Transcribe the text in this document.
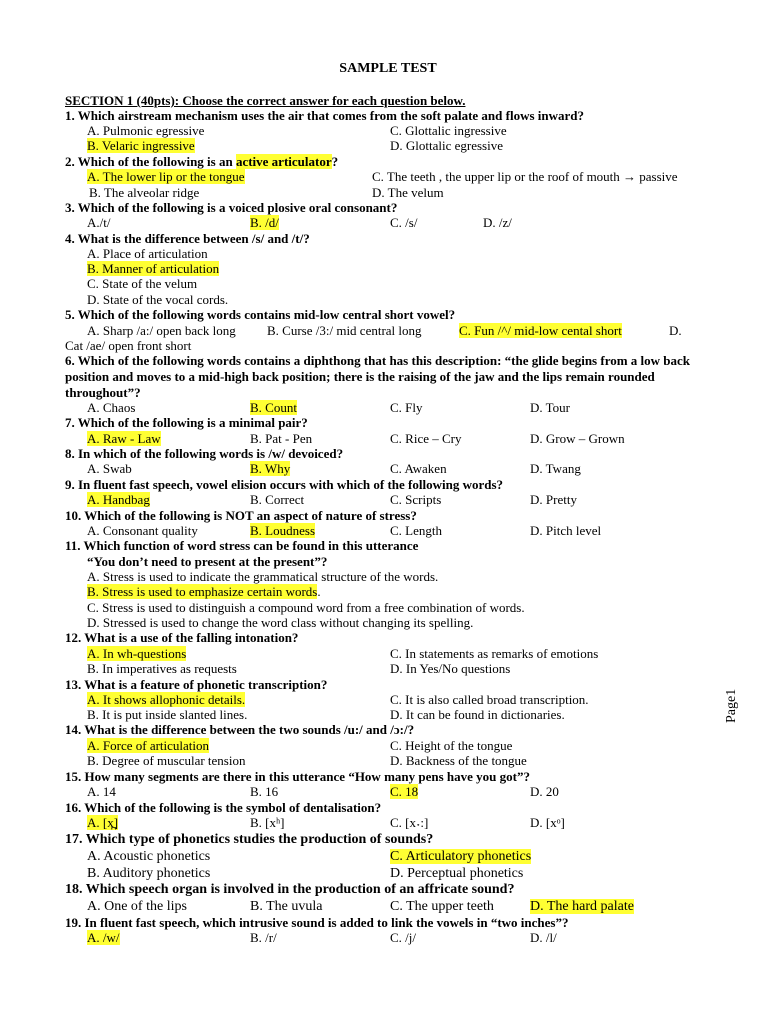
SAMPLE TEST
SECTION 1 (40pts): Choose the correct answer for each question below.
1. Which airstream mechanism uses the air that comes from the soft palate and flows inward?
A. Pulmonic egressive	C. Glottalic ingressive
B. Velaric ingressive	D. Glottalic egressive
2. Which of the following is an active articulator?
A. The lower lip or the tongue	C. The teeth , the upper lip or the roof of mouth → passive
B. The alveolar ridge	D. The velum
3. Which of the following is a voiced plosive oral consonant?
A./t/	B. /d/	C. /s/	D. /z/
4. What is the difference between /s/ and /t/?
A. Place of articulation
B. Manner of articulation
C. State of the velum
D. State of the vocal cords.
5. Which of the following words contains mid-low central short vowel?
A. Sharp /a:/ open back long B. Curse /3:/ mid central long	C. Fun /^/ mid-low cental short	D.
Cat /ae/ open front short
6. Which of the following words contains a diphthong that has this description: “the glide begins from a low back position and moves to a mid-high back position; there is the raising of the jaw and the lips remain rounded throughout”?
A. Chaos	B. Count	C. Fly	D. Tour
7. Which of the following is a minimal pair?
A. Raw - Law	B. Pat - Pen	C. Rice – Cry	D. Grow – Grown
8. In which of the following words is /w/ devoiced?
A. Swab	B. Why	C. Awaken	D. Twang
9. In fluent fast speech, vowel elision occurs with which of the following words?
A. Handbag	B. Correct	C. Scripts	D. Pretty
10. Which of the following is NOT an aspect of nature of stress?
A. Consonant quality	B. Loudness	C. Length	D. Pitch level
11. Which function of word stress can be found in this utterance
“You don’t need to present at the present”?
A. Stress is used to indicate the grammatical structure of the words.
B. Stress is used to emphasize certain words.
C. Stress is used to distinguish a compound word from a free combination of words.
D. Stressed is used to change the word class without changing its spelling.
12. What is a use of the falling intonation?
A. In wh-questions	C. In statements as remarks of emotions
B. In imperatives as requests	D. In Yes/No questions
13. What is a feature of phonetic transcription?
A. It shows allophonic details.	C. It is also called broad transcription.
B. It is put inside slanted lines.	D. It can be found in dictionaries.
14. What is the difference between the two sounds /u:/ and /ɔ:/?
A. Force of articulation	C. Height of the tongue
B. Degree of muscular tension	D. Backness of the tongue
15. How many segments are there in this utterance “How many pens have you got”?
A. 14	B. 16	C. 18	D. 20
16. Which of the following is the symbol of dentalisation?
A. [x̪]	B. [xʰ]	C. [x˖:]	D. [xᵒ]
17. Which type of phonetics studies the production of sounds?
A. Acoustic phonetics	C. Articulatory phonetics
B. Auditory phonetics	D. Perceptual phonetics
18. Which speech organ is involved in the production of an affricate sound?
A. One of the lips	B. The uvula	C. The upper teeth	D. The hard palate
19. In fluent fast speech, which intrusive sound is added to link the vowels in “two inches”?
A. /w/	B. /r/	C. /j/	D. /l/
Page1
